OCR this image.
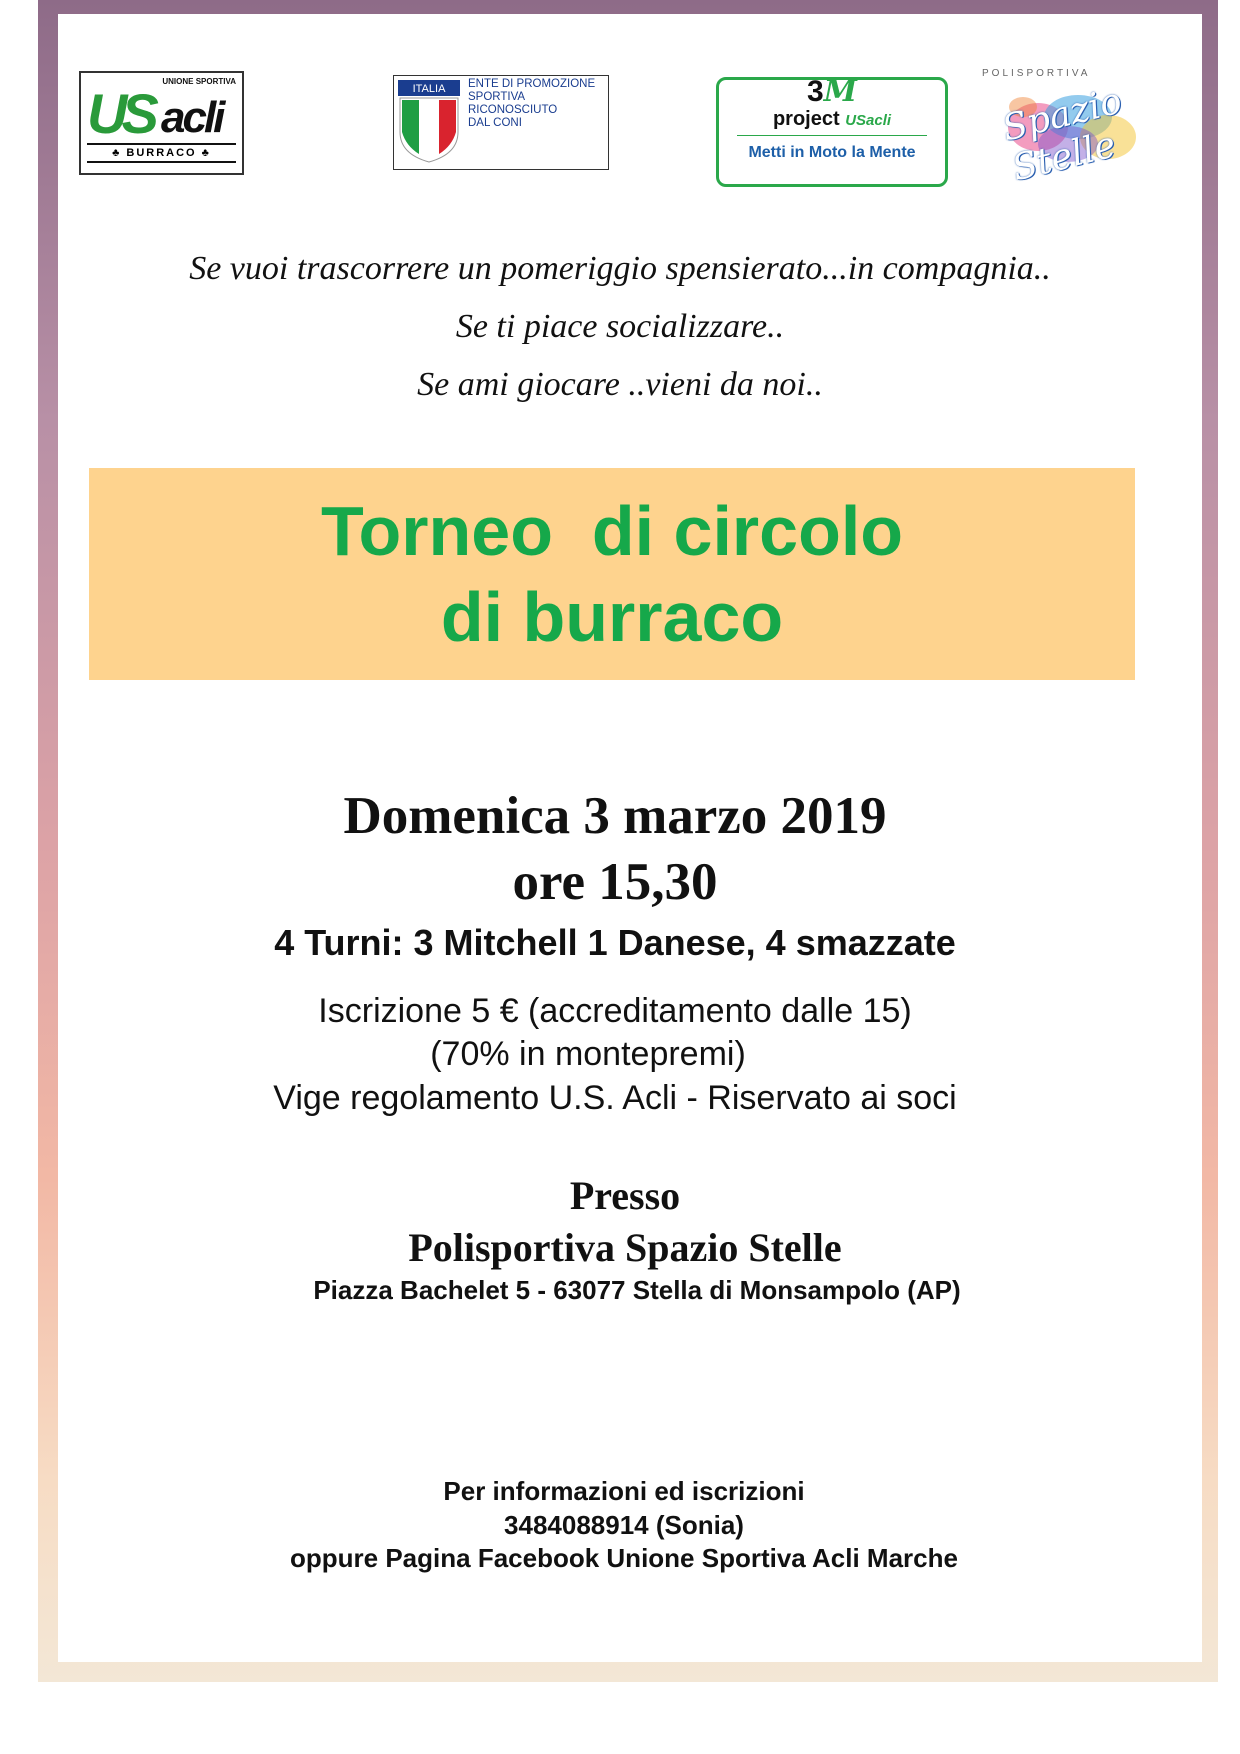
UNIONE SPORTIVA
US acli
♣ BURRACO ♣
ITALIA ENTE DI PROMOZIONE
SPORTIVA
RICONOSCIUTO
DAL CONI
3M
project USacli
Metti in Moto la Mente
POLISPORTIVA
Spazio Stelle
Se vuoi trascorrere un pomeriggio spensierato...in compagnia..
Se ti piace socializzare..
Se ami giocare ..vieni da noi..
Torneo  di circolo
di burraco
Domenica 3 marzo 2019
ore 15,30
4 Turni: 3 Mitchell 1 Danese, 4 smazzate
Iscrizione 5 € (accreditamento dalle 15)
(70% in montepremi)
Vige regolamento U.S. Acli - Riservato ai soci
Presso
Polisportiva Spazio Stelle
Piazza Bachelet 5 - 63077 Stella di Monsampolo (AP)
Per informazioni ed iscrizioni
3484088914 (Sonia)
oppure Pagina Facebook Unione Sportiva Acli Marche
